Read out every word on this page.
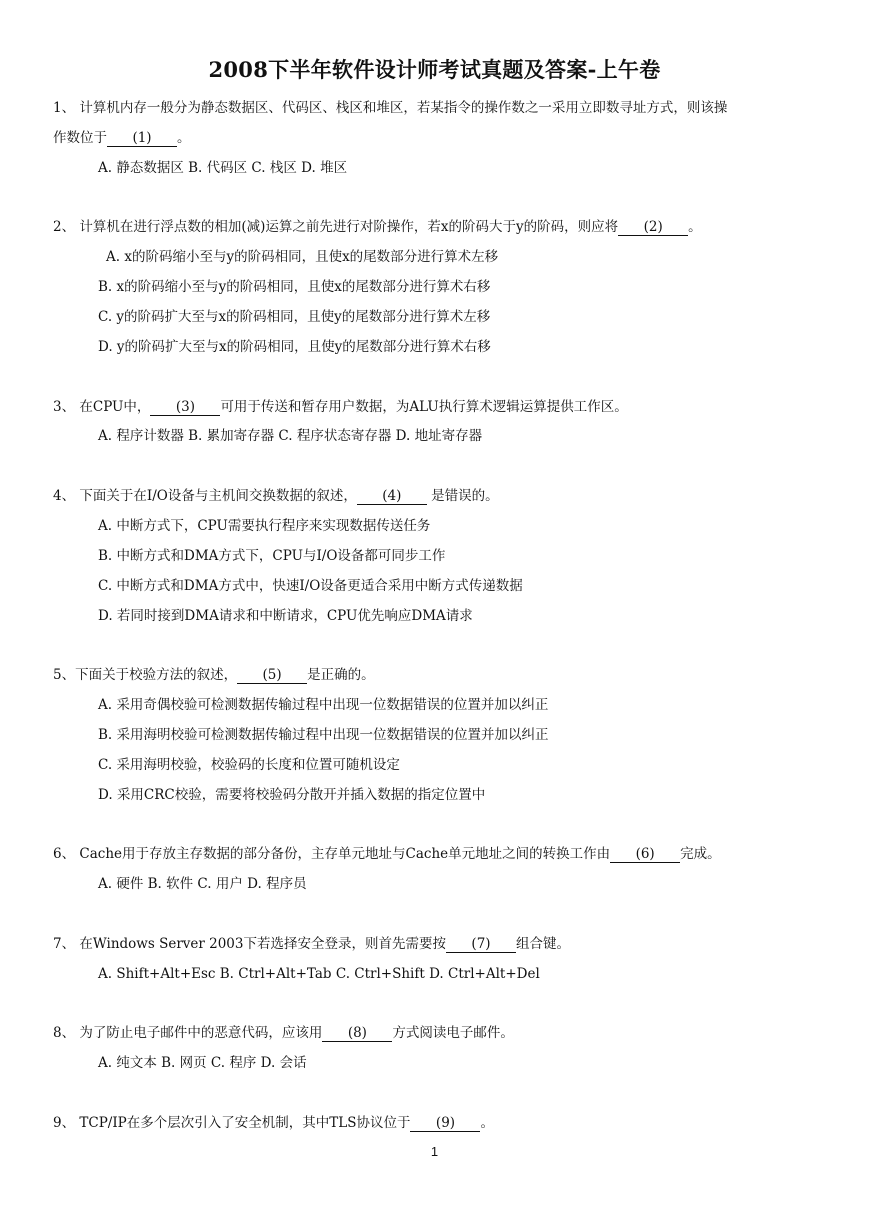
2008下半年软件设计师考试真题及答案-上午卷
1、 计算机内存一般分为静态数据区、代码区、栈区和堆区，若某指令的操作数之一采用立即数寻址方式，则该操
作数位于 (1) 。
A. 静态数据区 B. 代码区 C. 栈区 D. 堆区
2、 计算机在进行浮点数的相加(减)运算之前先进行对阶操作，若x的阶码大于y的阶码，则应将 (2) 。
A. x的阶码缩小至与y的阶码相同，且使x的尾数部分进行算术左移
B. x的阶码缩小至与y的阶码相同，且使x的尾数部分进行算术右移
C. y的阶码扩大至与x的阶码相同，且使y的尾数部分进行算术左移
D. y的阶码扩大至与x的阶码相同，且使y的尾数部分进行算术右移
3、 在CPU中， (3) 可用于传送和暂存用户数据，为ALU执行算术逻辑运算提供工作区。
A. 程序计数器 B. 累加寄存器 C. 程序状态寄存器 D. 地址寄存器
4、 下面关于在I/O设备与主机间交换数据的叙述， (4) 是错误的。
A. 中断方式下，CPU需要执行程序来实现数据传送任务
B. 中断方式和DMA方式下，CPU与I/O设备都可同步工作
C. 中断方式和DMA方式中，快速I/O设备更适合采用中断方式传递数据
D. 若同时接到DMA请求和中断请求，CPU优先响应DMA请求
5、下面关于校验方法的叙述， (5) 是正确的。
A. 采用奇偶校验可检测数据传输过程中出现一位数据错误的位置并加以纠正
B. 采用海明校验可检测数据传输过程中出现一位数据错误的位置并加以纠正
C. 采用海明校验，校验码的长度和位置可随机设定
D. 采用CRC校验，需要将校验码分散开并插入数据的指定位置中
6、 Cache用于存放主存数据的部分备份，主存单元地址与Cache单元地址之间的转换工作由 (6) 完成。
A. 硬件 B. 软件 C. 用户 D. 程序员
7、 在Windows Server 2003下若选择安全登录，则首先需要按 (7) 组合键。
A. Shift+Alt+Esc B. Ctrl+Alt+Tab C. Ctrl+Shift D. Ctrl+Alt+Del
8、 为了防止电子邮件中的恶意代码，应该用 (8) 方式阅读电子邮件。
A. 纯文本 B. 网页 C. 程序 D. 会话
9、 TCP/IP在多个层次引入了安全机制，其中TLS协议位于 (9) 。
1
